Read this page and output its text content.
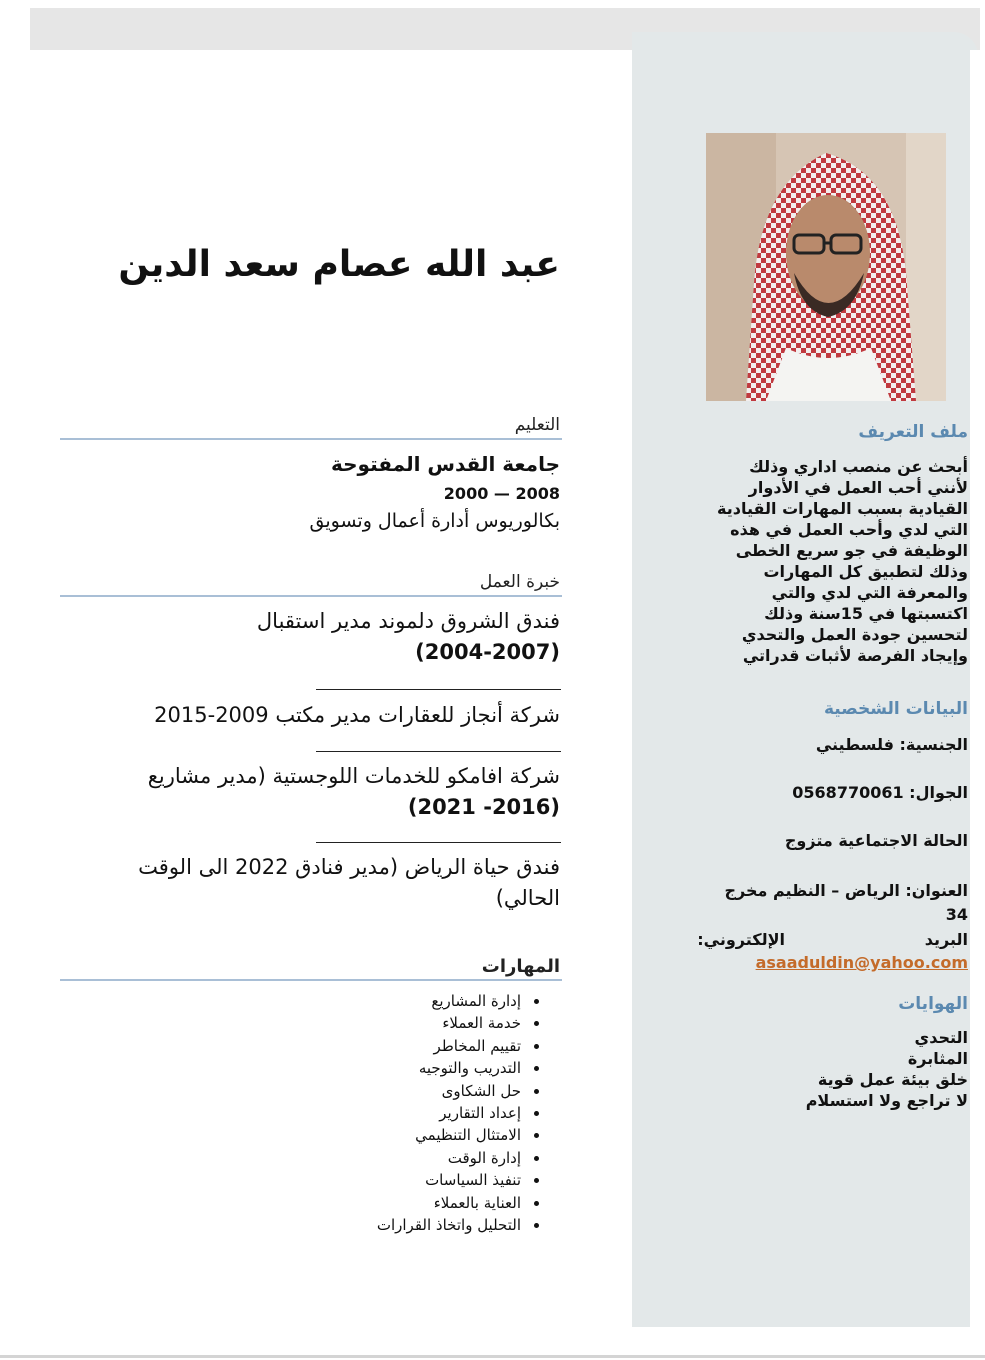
ملف التعريف
أبحث عن منصب اداري وذلك
لأنني أحب العمل في الأدوار
القيادية بسبب المهارات القيادية
التي لدي وأحب العمل في هذه
الوظيفة في جو سريع الخطى
وذلك لتطبيق كل المهارات
والمعرفة التي لدي والتي
اكتسبتها في 15سنة وذلك
لتحسين جودة العمل والتحدي
وإيجاد الفرصة لأثبات قدراتي
البيانات الشخصية
الجنسية: فلسطيني
الجوال: 0568770061
الحالة الاجتماعية متزوج
العنوان: الرياض – النظيم مخرج
34
البريد
الإلكتروني:
asaaduldin@yahoo.com
الهوايات
التحدي
المثابرة
خلق بيئة عمل قوية
لا تراجع ولا استسلام
عبد الله عصام سعد الدين
التعليم
جامعة القدس المفتوحة
2000 — 2008
بكالوريوس أدارة أعمال وتسويق
خبرة العمل
فندق الشروق دلموند مدير استقبال
(2004-2007)
شركة أنجاز للعقارات مدير مكتب 2009-2015
شركة افامكو للخدمات اللوجستية (مدير مشاريع
(2016- 2021)
فندق حياة الرياض (مدير فنادق 2022 الى الوقت
الحالي)
المهارات
• إدارة المشاريع
• خدمة العملاء
• تقييم المخاطر
• التدريب والتوجيه
• حل الشكاوى
• إعداد التقارير
• الامتثال التنظيمي
• إدارة الوقت
• تنفيذ السياسات
• العناية بالعملاء
• التحليل واتخاذ القرارات
